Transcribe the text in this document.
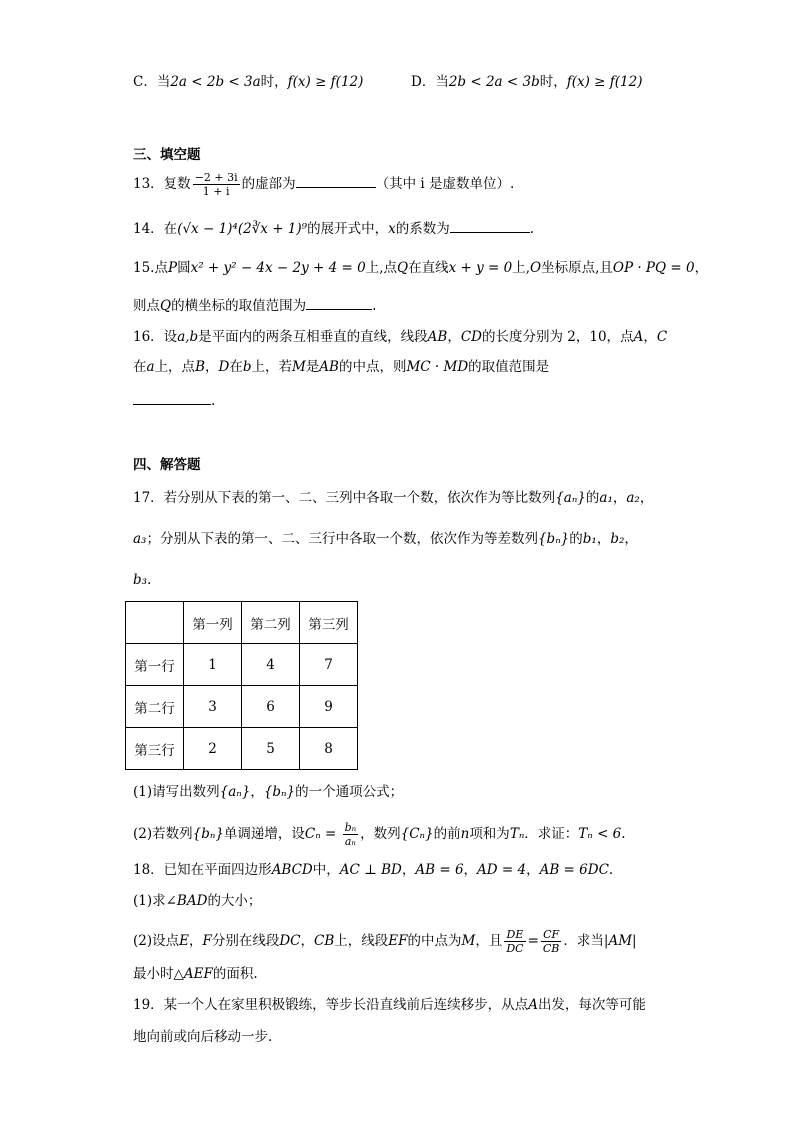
C．当2a < 2b < 3a时，f(x) ≥ f(12)	D．当2b < 2a < 3b时，f(x) ≥ f(12)
三、填空题
13．复数 $\frac{-2 + 3i}{1 + i}$ 的虚部为	（其中 i 是虚数单位）.
14．在(√x − 1)⁴(2∛x + 1)⁹的展开式中，x的系数为	.
15.点P圆x² + y² − 4x − 2y + 4 = 0上,点Q在直线x + y = 0上,O坐标原点,且OP · PQ = 0，
则点Q的横坐标的取值范围为	.
16．设a,b是平面内的两条互相垂直的直线，线段AB，CD的长度分别为 2，10，点A，C
在a上，点B，D在b上，若M是AB的中点，则MC · MD的取值范围是
.
四、解答题
17．若分别从下表的第一、二、三列中各取一个数，依次作为等比数列{aₙ}的a₁，a₂，
a₃；分别从下表的第一、二、三行中各取一个数，依次作为等差数列{bₙ}的b₁，b₂，
b₃.
	第一列	第二列	第三列
第一行	1	4	7
第二行	3	6	9
第三行	2	5	8
(1)请写出数列{aₙ}，{bₙ}的一个通项公式；
(2)若数列{bₙ}单调递增，设$C_n = \frac{\text{bₙ}}{\text{aₙ}}$ ，数列{Cₙ}的前n项和为Tₙ．求证：Tₙ < 6.
18．已知在平面四边形ABCD中，AC ⊥ BD，AB = 6，AD = 4，AB = 6DC.
(1)求∠BAD的大小；
(2)设点E，F分别在线段DC，CB上，线段EF的中点为M，且 $\frac{DE}{DC} = \frac{CF}{CB}$ ．求当|AM|
最小时△AEF的面积.
19．某一个人在家里积极锻练，等步长沿直线前后连续移步，从点A出发，每次等可能
地向前或向后移动一步.
